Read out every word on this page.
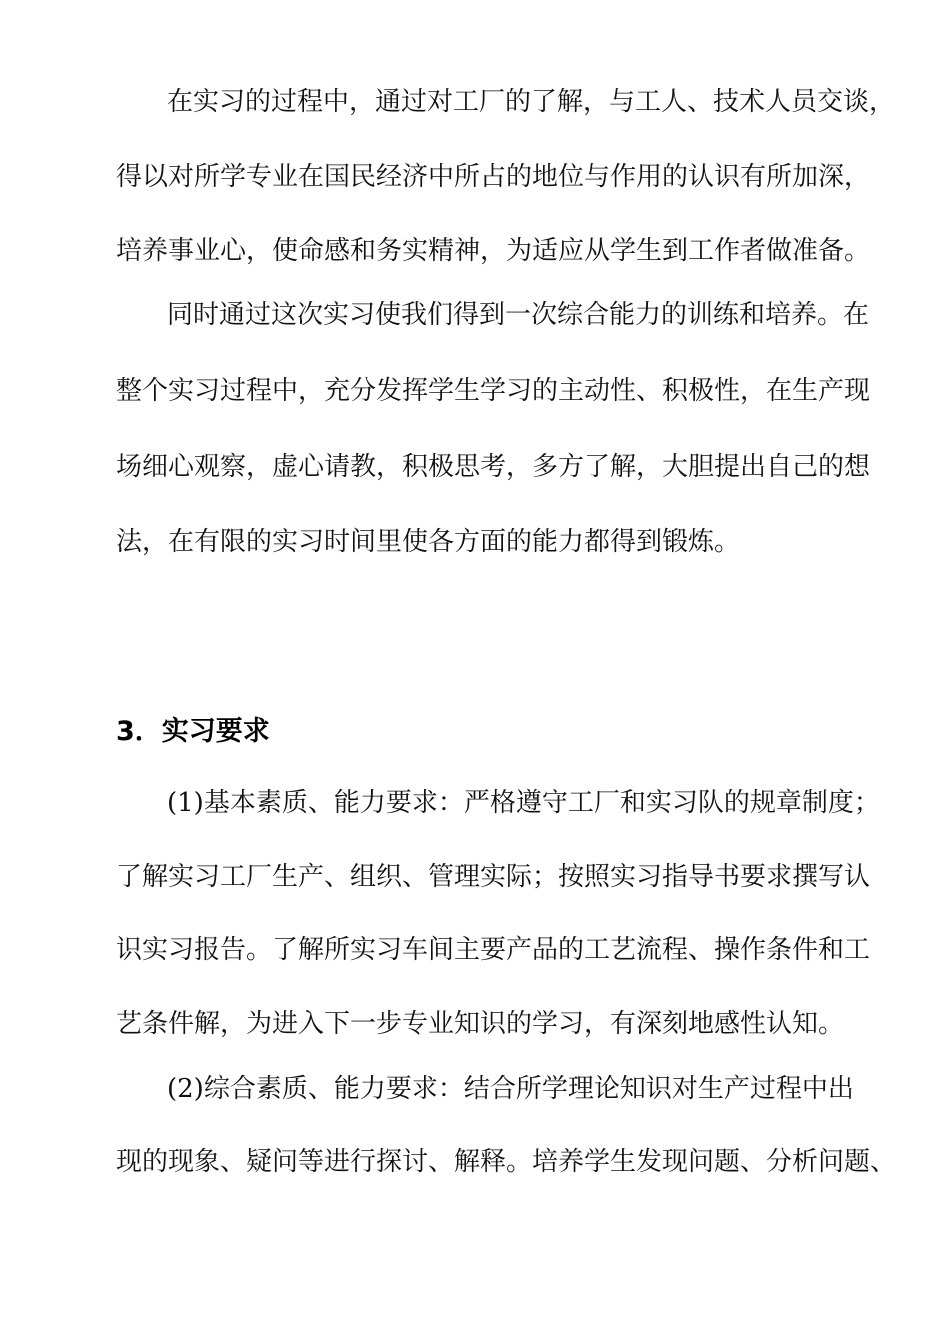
在实习的过程中，通过对工厂的了解，与工人、技术人员交谈，

得以对所学专业在国民经济中所占的地位与作用的认识有所加深，

培养事业心，使命感和务实精神，为适应从学生到工作者做准备。

同时通过这次实习使我们得到一次综合能力的训练和培养。在

整个实习过程中，充分发挥学生学习的主动性、积极性，在生产现

场细心观察，虚心请教，积极思考，多方了解，大胆提出自己的想

法，在有限的实习时间里使各方面的能力都得到锻炼。

3．实习要求

(1)基本素质、能力要求：严格遵守工厂和实习队的规章制度；

了解实习工厂生产、组织、管理实际；按照实习指导书要求撰写认

识实习报告。了解所实习车间主要产品的工艺流程、操作条件和工

艺条件解，为进入下一步专业知识的学习，有深刻地感性认知。

(2)综合素质、能力要求：结合所学理论知识对生产过程中出

现的现象、疑问等进行探讨、解释。培养学生发现问题、分析问题、
